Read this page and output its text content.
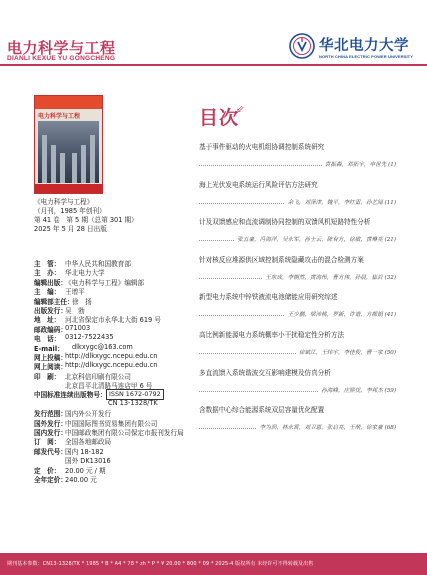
电力科学与工程
DIANLI KEXUE YU GONGCHENG
华北电力大学
NORTH CHINA ELECTRIC POWER UNIVERSITY
电力科学与工程
《电力科学与工程》
（月刊，1985 年创刊）
第 41 卷　第 5 期（总第 301 期）
2025 年 5 月 28 日出版
主　管： 中华人民共和国教育部
主　办： 华北电力大学
编辑出版：
《电力科学与工程》编辑部
主　编： 王增平
编辑部主任：
徐　扬
出版发行：
吴　勃
地　址： 河北省保定市永华北大街 619 号
邮政编码：
071003
电　话： 0312-7522435
E-mail： dlkxygc@163.com
网上投稿：
http://dlkxygc.ncepu.edu.cn
网上阅读：
http://dlkxygc.ncepu.edu.cn
印　刷： 北京科信印刷有限公司
北京昌平北清路马连店甲 6 号
中国标准连续出版物号： ISSN 1672-0792
CN 13-1328/TK
发行范围：
国内外公开发行
国外发行：
中国国际图书贸易集团有限公司
国内发行：
中国邮政集团有限公司保定市报刊发行局
订　阅： 全国各地邮政局
邮发代号：
国内 18-182
国外 DK13016
定　价： 20.00 元 / 期
全年定价：
240.00 元
目次
⇙
基于事件驱动的火电机组协调控制系统研究
袁振森，邓拓宇，申世先 (1)
海上光伏发电系统运行风险评估方法研究
余飞，刘泽津，魏平，李红雷，孙艺闻 (11)
计及双馈感应和直流调制协同控制的双馈风机短路特性分析
张五豪，冯海洋，吴永军，孙士云，陈有方，徐敏，黄琳亮 (21)
针对核反应堆源供区域控制系统隐藏攻击的混合检测方案
王东成，李朝然，黄海彤，曹方伟，孙晨，崔岩 (32)
新型电力系统中锌铁液流电池储能应用研究综述
王少鹏，梁沛桃，罗新，许谐，方都娟 (41)
高比例新能源电力系统概率小干扰稳定性分析方法
徐斌江，王炜宇，李佳俊，曹一家 (50)
多直流馈入系统谐波交互影响建模及仿真分析
孙海峰，庄熙忧，李邦杰 (59)
含数据中心综合能源系统双层容量优化配置
李为润，林永霄，刘卫恩，张启亮，王萌，徐家豪 (68)
期刊基本参数：CN13-1328/TK * 1985 * B * A4 * 78 * zh * P * ¥ 20.00 * 800 * 09 * 2025-4 版权所有 未经许可不得转载及出售
